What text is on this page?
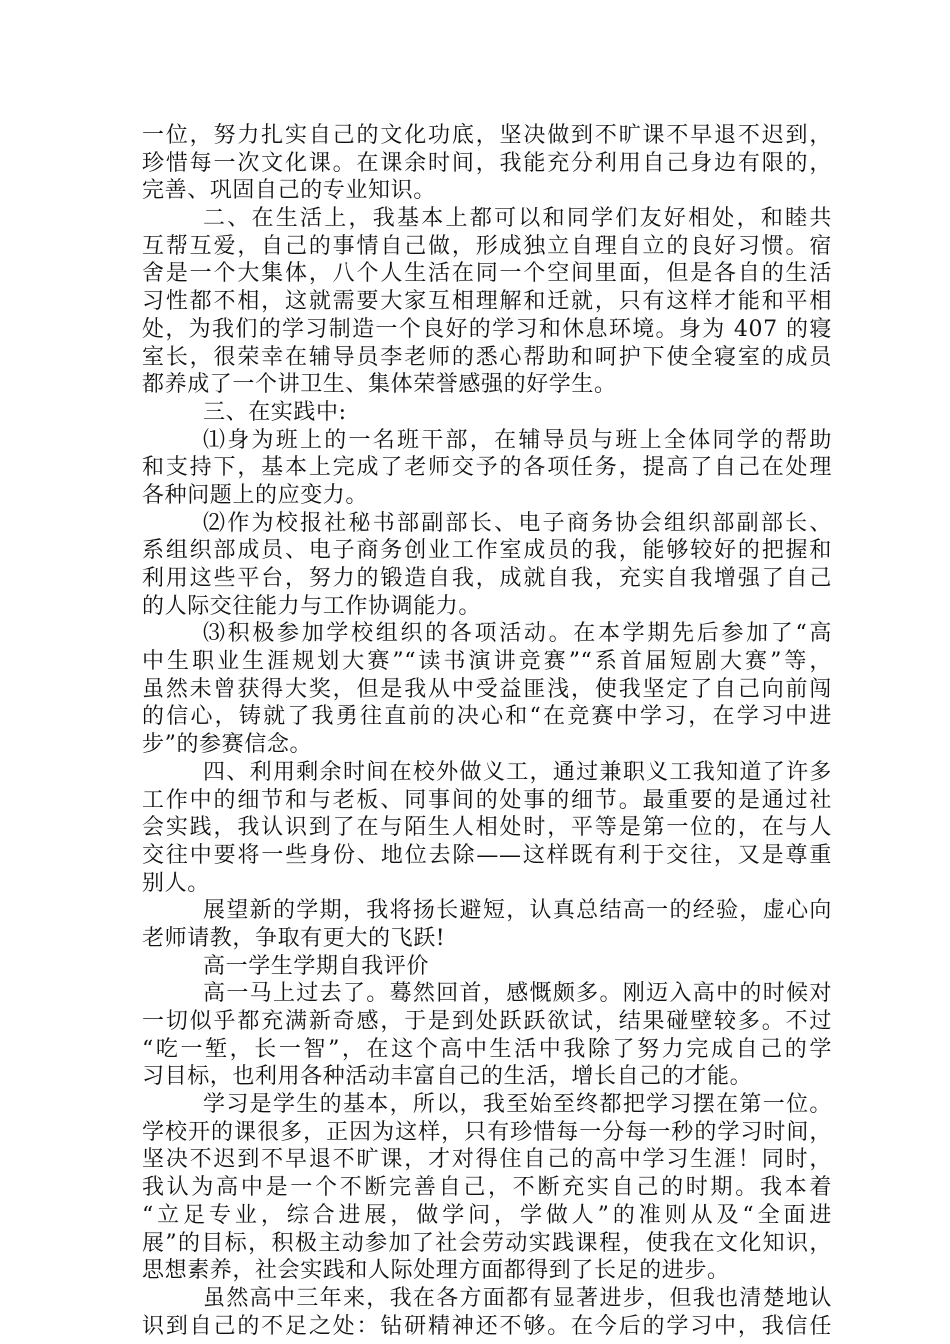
一位，努力扎实自己的文化功底，坚决做到不旷课不早退不迟到，
珍惜每一次文化课。在课余时间，我能充分利用自己身边有限的，
完善、巩固自己的专业知识。
二、在生活上，我基本上都可以和同学们友好相处，和睦共
互帮互爱，自己的事情自己做，形成独立自理自立的良好习惯。宿
舍是一个大集体，八个人生活在同一个空间里面，但是各自的生活
习性都不相，这就需要大家互相理解和迁就，只有这样才能和平相
处，为我们的学习制造一个良好的学习和休息环境。身为 407 的寝
室长，很荣幸在辅导员李老师的悉心帮助和呵护下使全寝室的成员
都养成了一个讲卫生、集体荣誉感强的好学生。
三、在实践中:
⑴身为班上的一名班干部，在辅导员与班上全体同学的帮助
和支持下，基本上完成了老师交予的各项任务，提高了自己在处理
各种问题上的应变力。
⑵作为校报社秘书部副部长、电子商务协会组织部副部长、
系组织部成员、电子商务创业工作室成员的我，能够较好的把握和
利用这些平台，努力的锻造自我，成就自我，充实自我增强了自己
的人际交往能力与工作协调能力。
⑶积极参加学校组织的各项活动。在本学期先后参加了“高
中生职业生涯规划大赛”“读书演讲竞赛”“系首届短剧大赛”等，
虽然未曾获得大奖，但是我从中受益匪浅，使我坚定了自己向前闯
的信心，铸就了我勇往直前的决心和“在竞赛中学习，在学习中进
步”的参赛信念。
四、利用剩余时间在校外做义工，通过兼职义工我知道了许多
工作中的细节和与老板、同事间的处事的细节。最重要的是通过社
会实践，我认识到了在与陌生人相处时，平等是第一位的，在与人
交往中要将一些身份、地位去除——这样既有利于交往，又是尊重
别人。
展望新的学期，我将扬长避短，认真总结高一的经验，虚心向
老师请教，争取有更大的飞跃!
高一学生学期自我评价
高一马上过去了。蓦然回首，感慨颇多。刚迈入高中的时候对
一切似乎都充满新奇感，于是到处跃跃欲试，结果碰壁较多。不过
“吃一堑，长一智”，在这个高中生活中我除了努力完成自己的学
习目标，也利用各种活动丰富自己的生活，增长自己的才能。
学习是学生的基本，所以，我至始至终都把学习摆在第一位。
学校开的课很多，正因为这样，只有珍惜每一分每一秒的学习时间，
坚决不迟到不早退不旷课，才对得住自己的高中学习生涯！同时，
我认为高中是一个不断完善自己，不断充实自己的时期。我本着
“立足专业，综合进展，做学问，学做人”的准则从及“全面进
展”的目标，积极主动参加了社会劳动实践课程，使我在文化知识，
思想素养，社会实践和人际处理方面都得到了长足的进步。
虽然高中三年来，我在各方面都有显著进步，但我也清楚地认
识到自己的不足之处：钻研精神还不够。在今后的学习中，我信任
